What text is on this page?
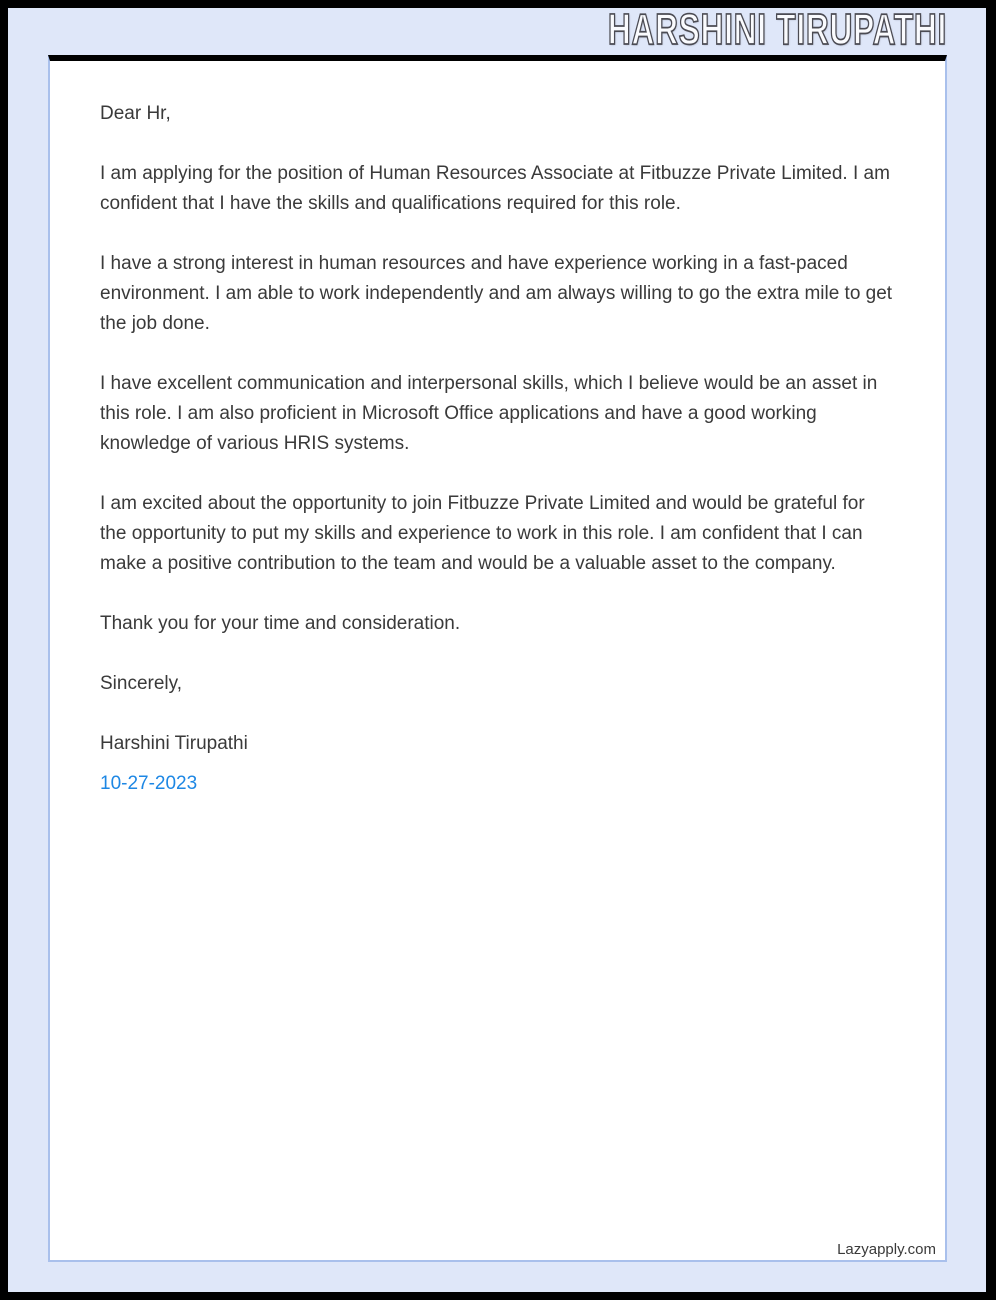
HARSHINI TIRUPATHI

Dear Hr,

I am applying for the position of Human Resources Associate at Fitbuzze Private Limited. I am confident that I have the skills and qualifications required for this role.

I have a strong interest in human resources and have experience working in a fast-paced environment. I am able to work independently and am always willing to go the extra mile to get the job done.

I have excellent communication and interpersonal skills, which I believe would be an asset in this role. I am also proficient in Microsoft Office applications and have a good working knowledge of various HRIS systems.

I am excited about the opportunity to join Fitbuzze Private Limited and would be grateful for the opportunity to put my skills and experience to work in this role. I am confident that I can make a positive contribution to the team and would be a valuable asset to the company.

Thank you for your time and consideration.

Sincerely,

Harshini Tirupathi

10-27-2023

Lazyapply.com
